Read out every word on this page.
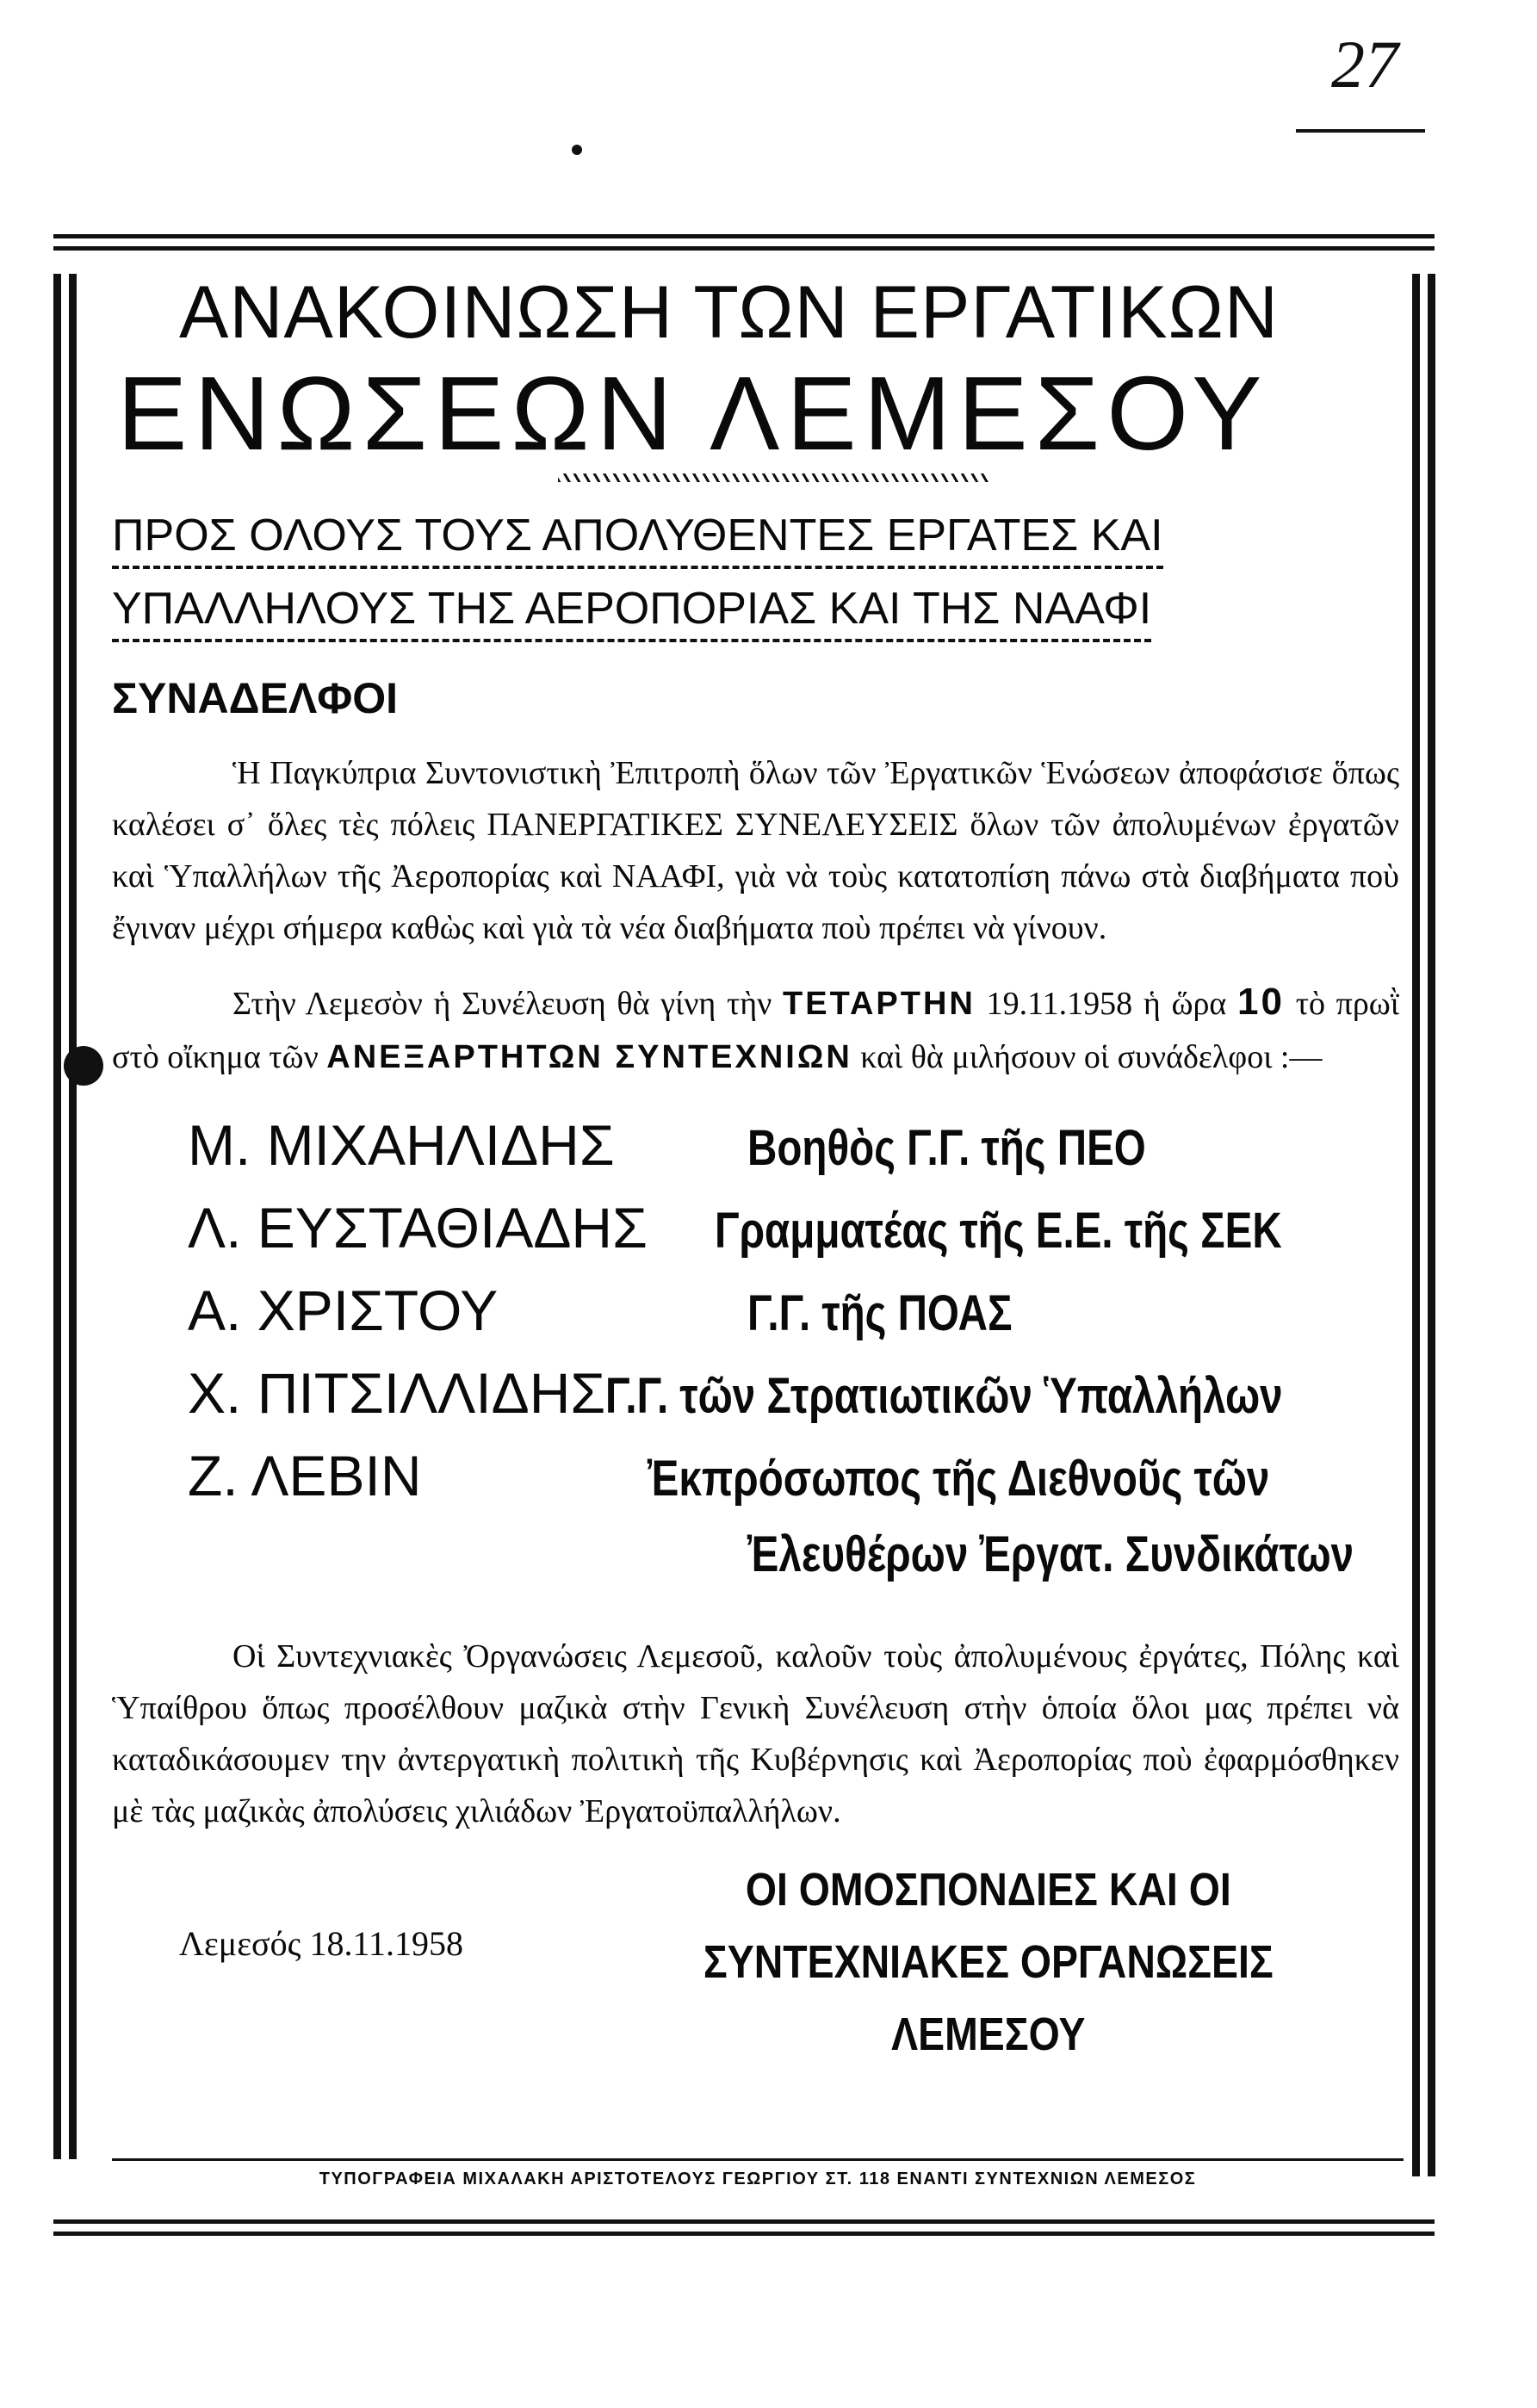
27
ΑΝΑΚΟΙΝΩΣΗ ΤΩΝ ΕΡΓΑΤΙΚΩΝ
ΕΝΩΣΕΩΝ ΛΕΜΕΣΟΥ
ΠΡΟΣ ΟΛΟΥΣ ΤΟΥΣ ΑΠΟΛΥΘΕΝΤΕΣ ΕΡΓΑΤΕΣ ΚΑΙ
ΥΠΑΛΛΗΛΟΥΣ ΤΗΣ ΑΕΡΟΠΟΡΙΑΣ ΚΑΙ ΤΗΣ ΝΑΑΦΙ
ΣΥΝΑΔΕΛΦΟΙ
Ἡ Παγκύπρια Συντονιστικὴ Ἐπιτροπὴ ὅλων τῶν Ἐργατικῶν Ἑνώσεων ἀποφάσισε ὅπως καλέσει σ᾿ ὅλες τὲς πόλεις ΠΑΝΕΡΓΑΤΙΚΕΣ ΣΥΝΕΛΕΥΣΕΙΣ ὅλων τῶν ἀπολυμένων ἐργατῶν καὶ Ὑπαλλήλων τῆς Ἀεροπορίας καὶ ΝΑΑΦΙ, γιὰ νὰ τοὺς κατατοπίση πάνω στὰ διαβήματα ποὺ ἔγιναν μέχρι σήμερα καθὼς καὶ γιὰ τὰ νέα διαβήματα ποὺ πρέπει νὰ γίνουν.
Στὴν Λεμεσὸν ἡ Συνέλευση θὰ γίνη τὴν ΤΕΤΑΡΤΗΝ 19.11.1958 ἡ ὥρα 10 τὸ πρωῒ στὸ οἴκημα τῶν ΑΝΕΞΑΡΤΗΤΩΝ ΣΥΝΤΕΧΝΙΩΝ καὶ θὰ μιλήσουν οἱ συνάδελφοι :—
Μ. ΜΙΧΑΗΛΙΔΗΣ	Βοηθὸς Γ.Γ. τῆς ΠΕΟ
Λ. ΕΥΣΤΑΘΙΑΔΗΣ	Γραμματέας τῆς Ε.Ε. τῆς ΣΕΚ
Α. ΧΡΙΣΤΟΥ	Γ.Γ. τῆς ΠΟΑΣ
Χ. ΠΙΤΣΙΛΛΙΔΗΣ Γ.Γ. τῶν Στρατιωτικῶν Ὑπαλλήλων
Ζ. ΛΕΒΙΝ	Ἐκπρόσωπος τῆς Διεθνοῦς τῶν
Ἐλευθέρων Ἐργατ. Συνδικάτων
Οἱ Συντεχνιακὲς Ὀργανώσεις Λεμεσοῦ, καλοῦν τοὺς ἀπολυμένους ἐργάτες, Πόλης καὶ Ὑπαίθρου ὅπως προσέλθουν μαζικὰ στὴν Γενικὴ Συνέλευση στὴν ὁποία ὅλοι μας πρέπει νὰ καταδικάσουμεν την ἀντεργατικὴ πολιτικὴ τῆς Κυβέρνησις καὶ Ἀεροπορίας ποὺ ἐφαρμόσθηκεν μὲ τὰς μαζικὰς ἀπολύσεις χιλιάδων Ἐργατοϋπαλλήλων.
Λεμεσός 18.11.1958
ΟΙ ΟΜΟΣΠΟΝΔΙΕΣ ΚΑΙ ΟΙ
ΣΥΝΤΕΧΝΙΑΚΕΣ ΟΡΓΑΝΩΣΕΙΣ ΛΕΜΕΣΟΥ
ΤΥΠΟΓΡΑΦΕΙΑ ΜΙΧΑΛΑΚΗ ΑΡΙΣΤΟΤΕΛΟΥΣ ΓΕΩΡΓΙΟΥ ΣΤ. 118 ΕΝΑΝΤΙ ΣΥΝΤΕΧΝΙΩΝ ΛΕΜΕΣΟΣ
